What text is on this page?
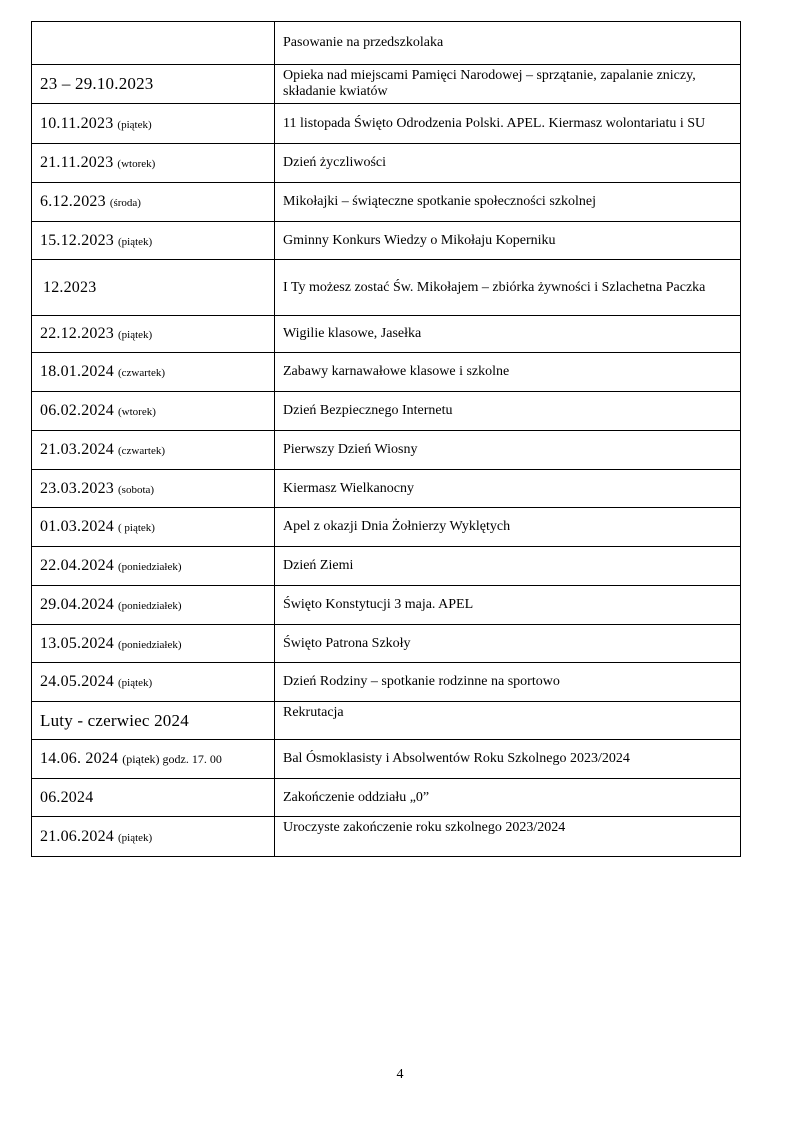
	Pasowanie na przedszkolaka
23 – 29.10.2023	Opieka nad miejscami Pamięci Narodowej – sprzątanie, zapalanie zniczy, składanie kwiatów
10.11.2023 (piątek)	11 listopada Święto Odrodzenia Polski. APEL. Kiermasz wolontariatu i SU
21.11.2023 (wtorek)	Dzień życzliwości
6.12.2023 (środa)	Mikołajki – świąteczne spotkanie społeczności szkolnej
15.12.2023 (piątek)	Gminny Konkurs Wiedzy o Mikołaju Koperniku
12.2023	I Ty możesz zostać Św. Mikołajem – zbiórka żywności i Szlachetna Paczka
22.12.2023 (piątek)	Wigilie klasowe, Jasełka
18.01.2024 (czwartek)	Zabawy karnawałowe klasowe i szkolne
06.02.2024 (wtorek)	Dzień Bezpiecznego Internetu
21.03.2024 (czwartek)	Pierwszy Dzień Wiosny
23.03.2023 (sobota)	Kiermasz Wielkanocny
01.03.2024 ( piątek)	Apel z okazji Dnia Żołnierzy Wyklętych
22.04.2024 (poniedziałek)	Dzień Ziemi
29.04.2024 (poniedziałek)	Święto Konstytucji 3 maja. APEL
13.05.2024 (poniedziałek)	Święto Patrona Szkoły
24.05.2024 (piątek)	Dzień Rodziny – spotkanie rodzinne na sportowo
Luty - czerwiec 2024	Rekrutacja
14.06. 2024 (piątek) godz. 17. 00	Bal Ósmoklasisty i Absolwentów Roku Szkolnego 2023/2024
06.2024	Zakończenie oddziału „0”
21.06.2024 (piątek)	Uroczyste zakończenie roku szkolnego 2023/2024
4
